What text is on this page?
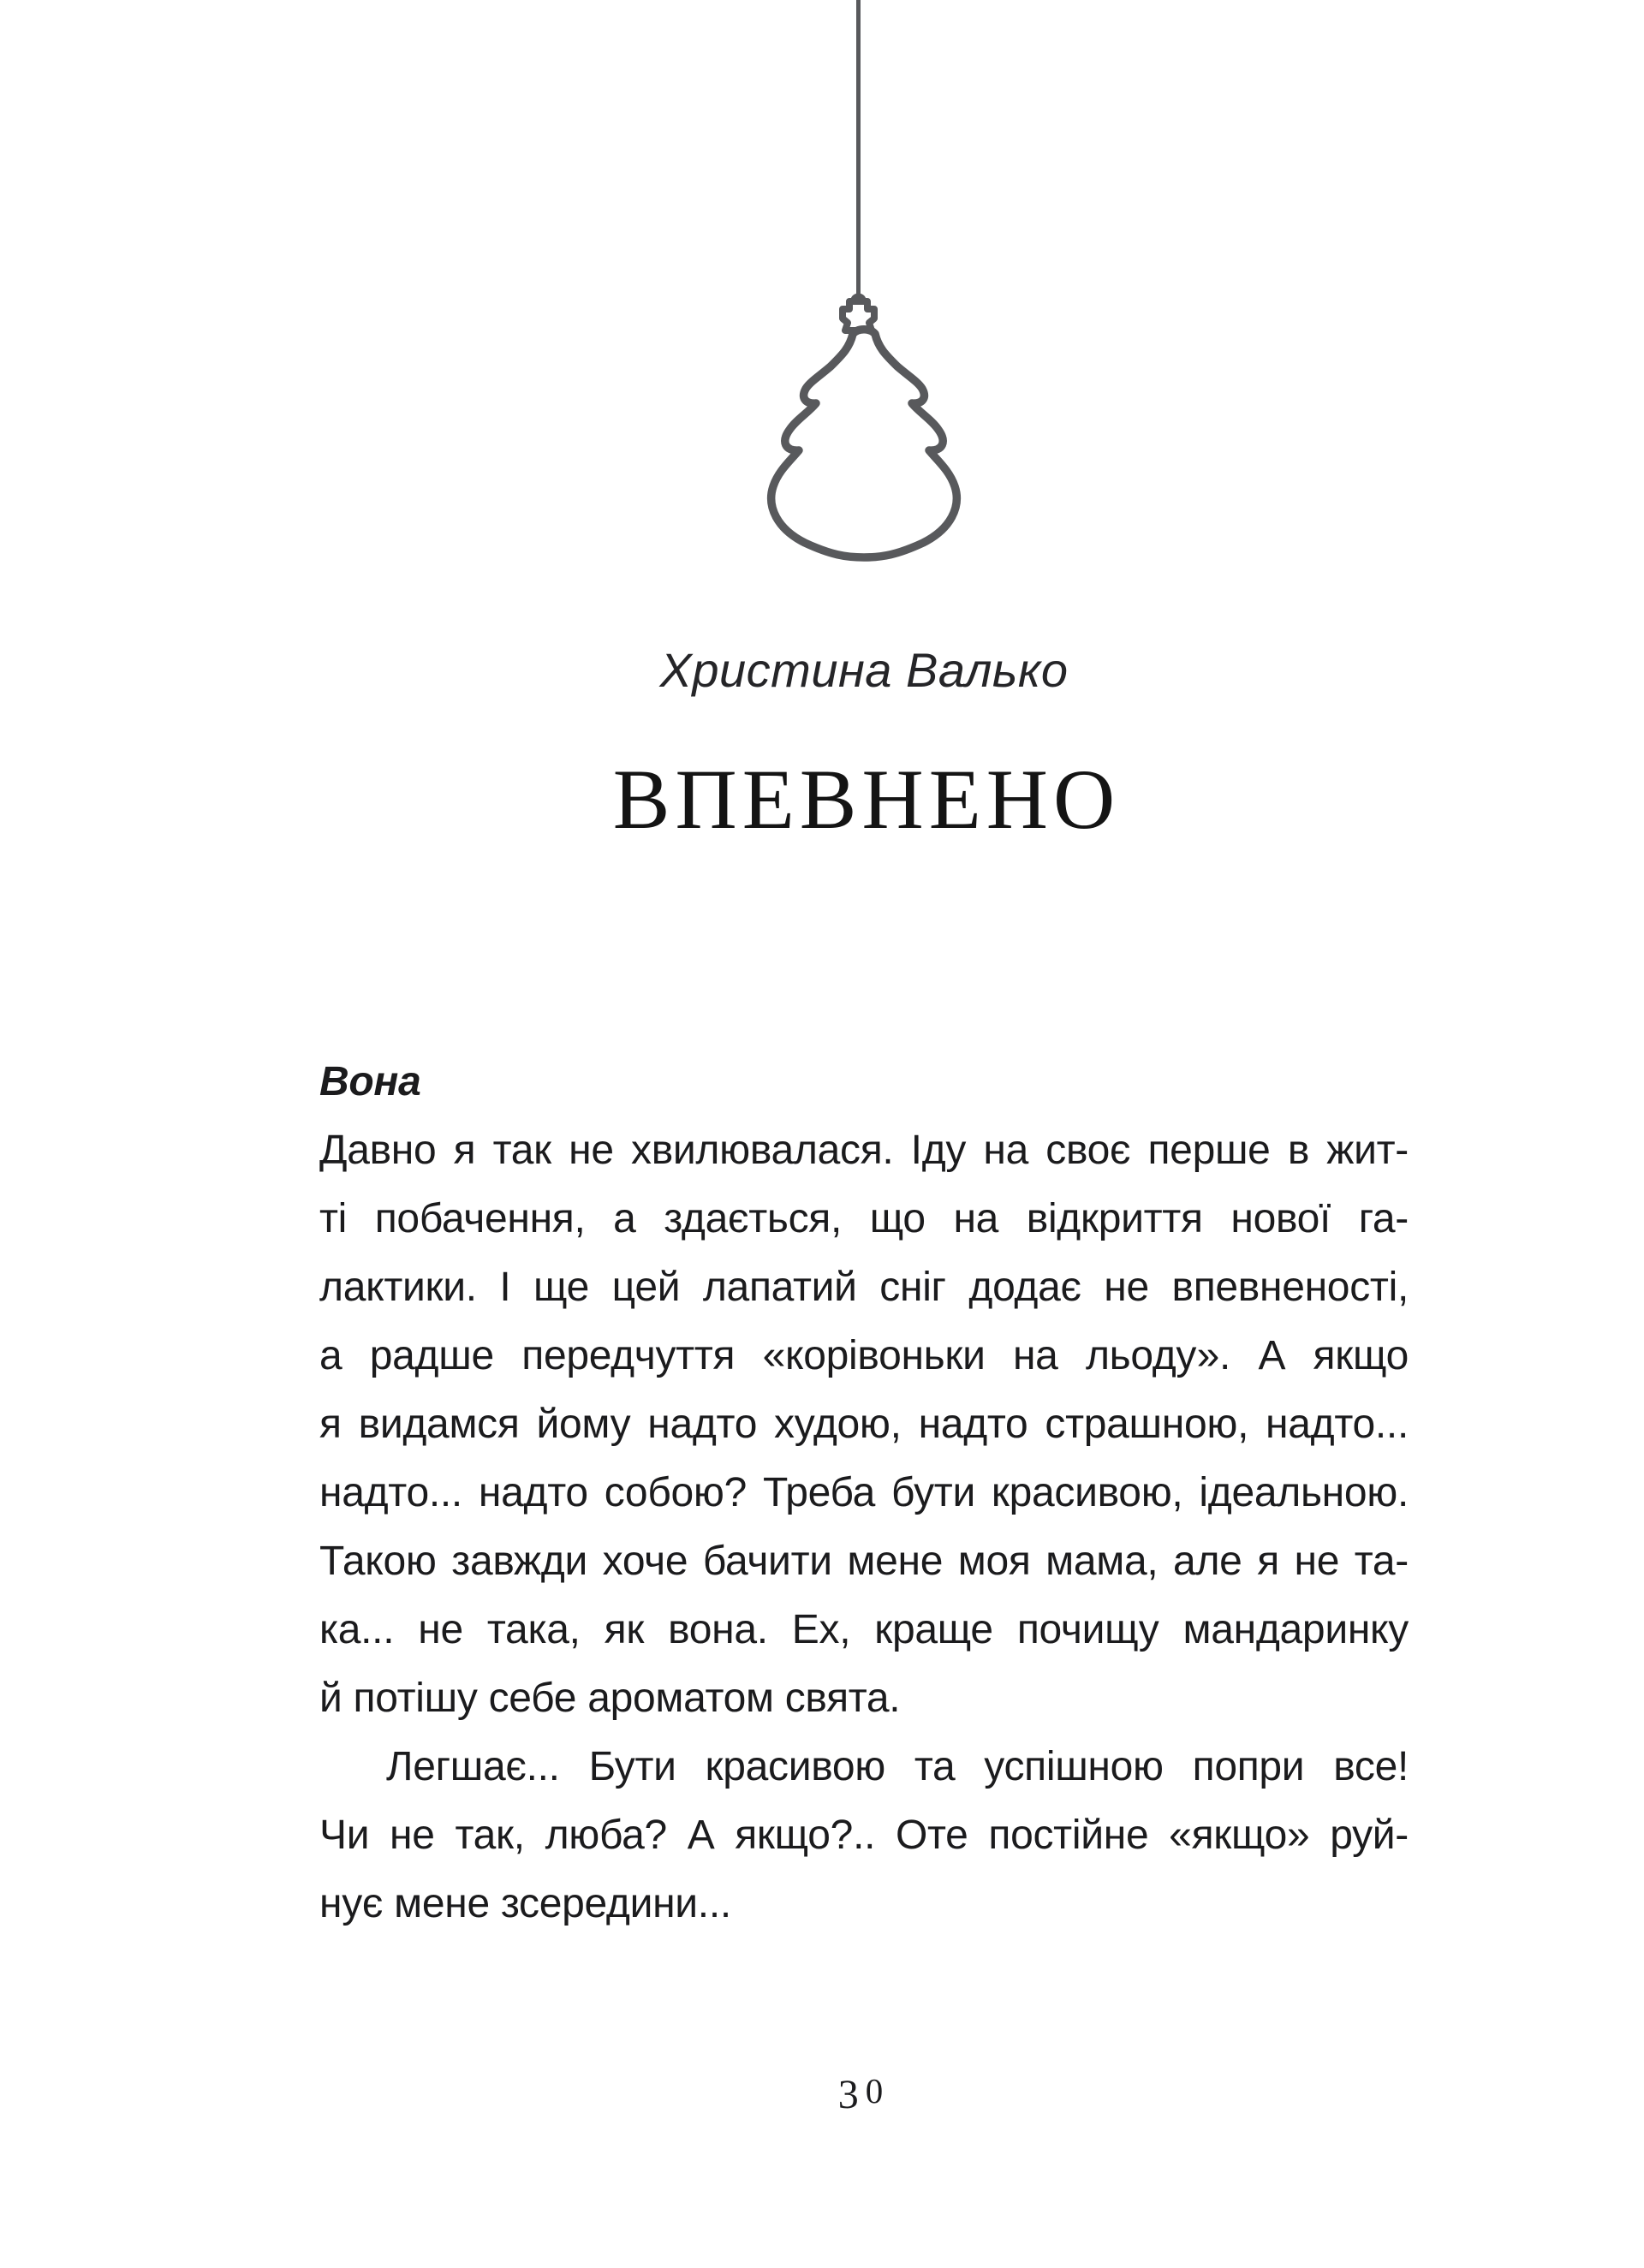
Христина Валько
ВПЕВНЕНО
Вона
Давно я так не хвилювалася. Іду на своє перше в жит-
ті побачення, а здається, що на відкриття нової га-
лактики. І ще цей лапатий сніг додає не впевненості,
а радше передчуття «корівоньки на льоду». А якщо
я видамся йому надто худою, надто страшною, надто...
надто... надто собою? Треба бути красивою, ідеальною.
Такою завжди хоче бачити мене моя мама, але я не та-
ка... не така, як вона. Ех, краще почищу мандаринку
й потішу себе ароматом свята.
Легшає... Бути красивою та успішною попри все!
Чи не так, люба? А якщо?.. Оте постійне «якщо» руй-
нує мене зсередини...
30
